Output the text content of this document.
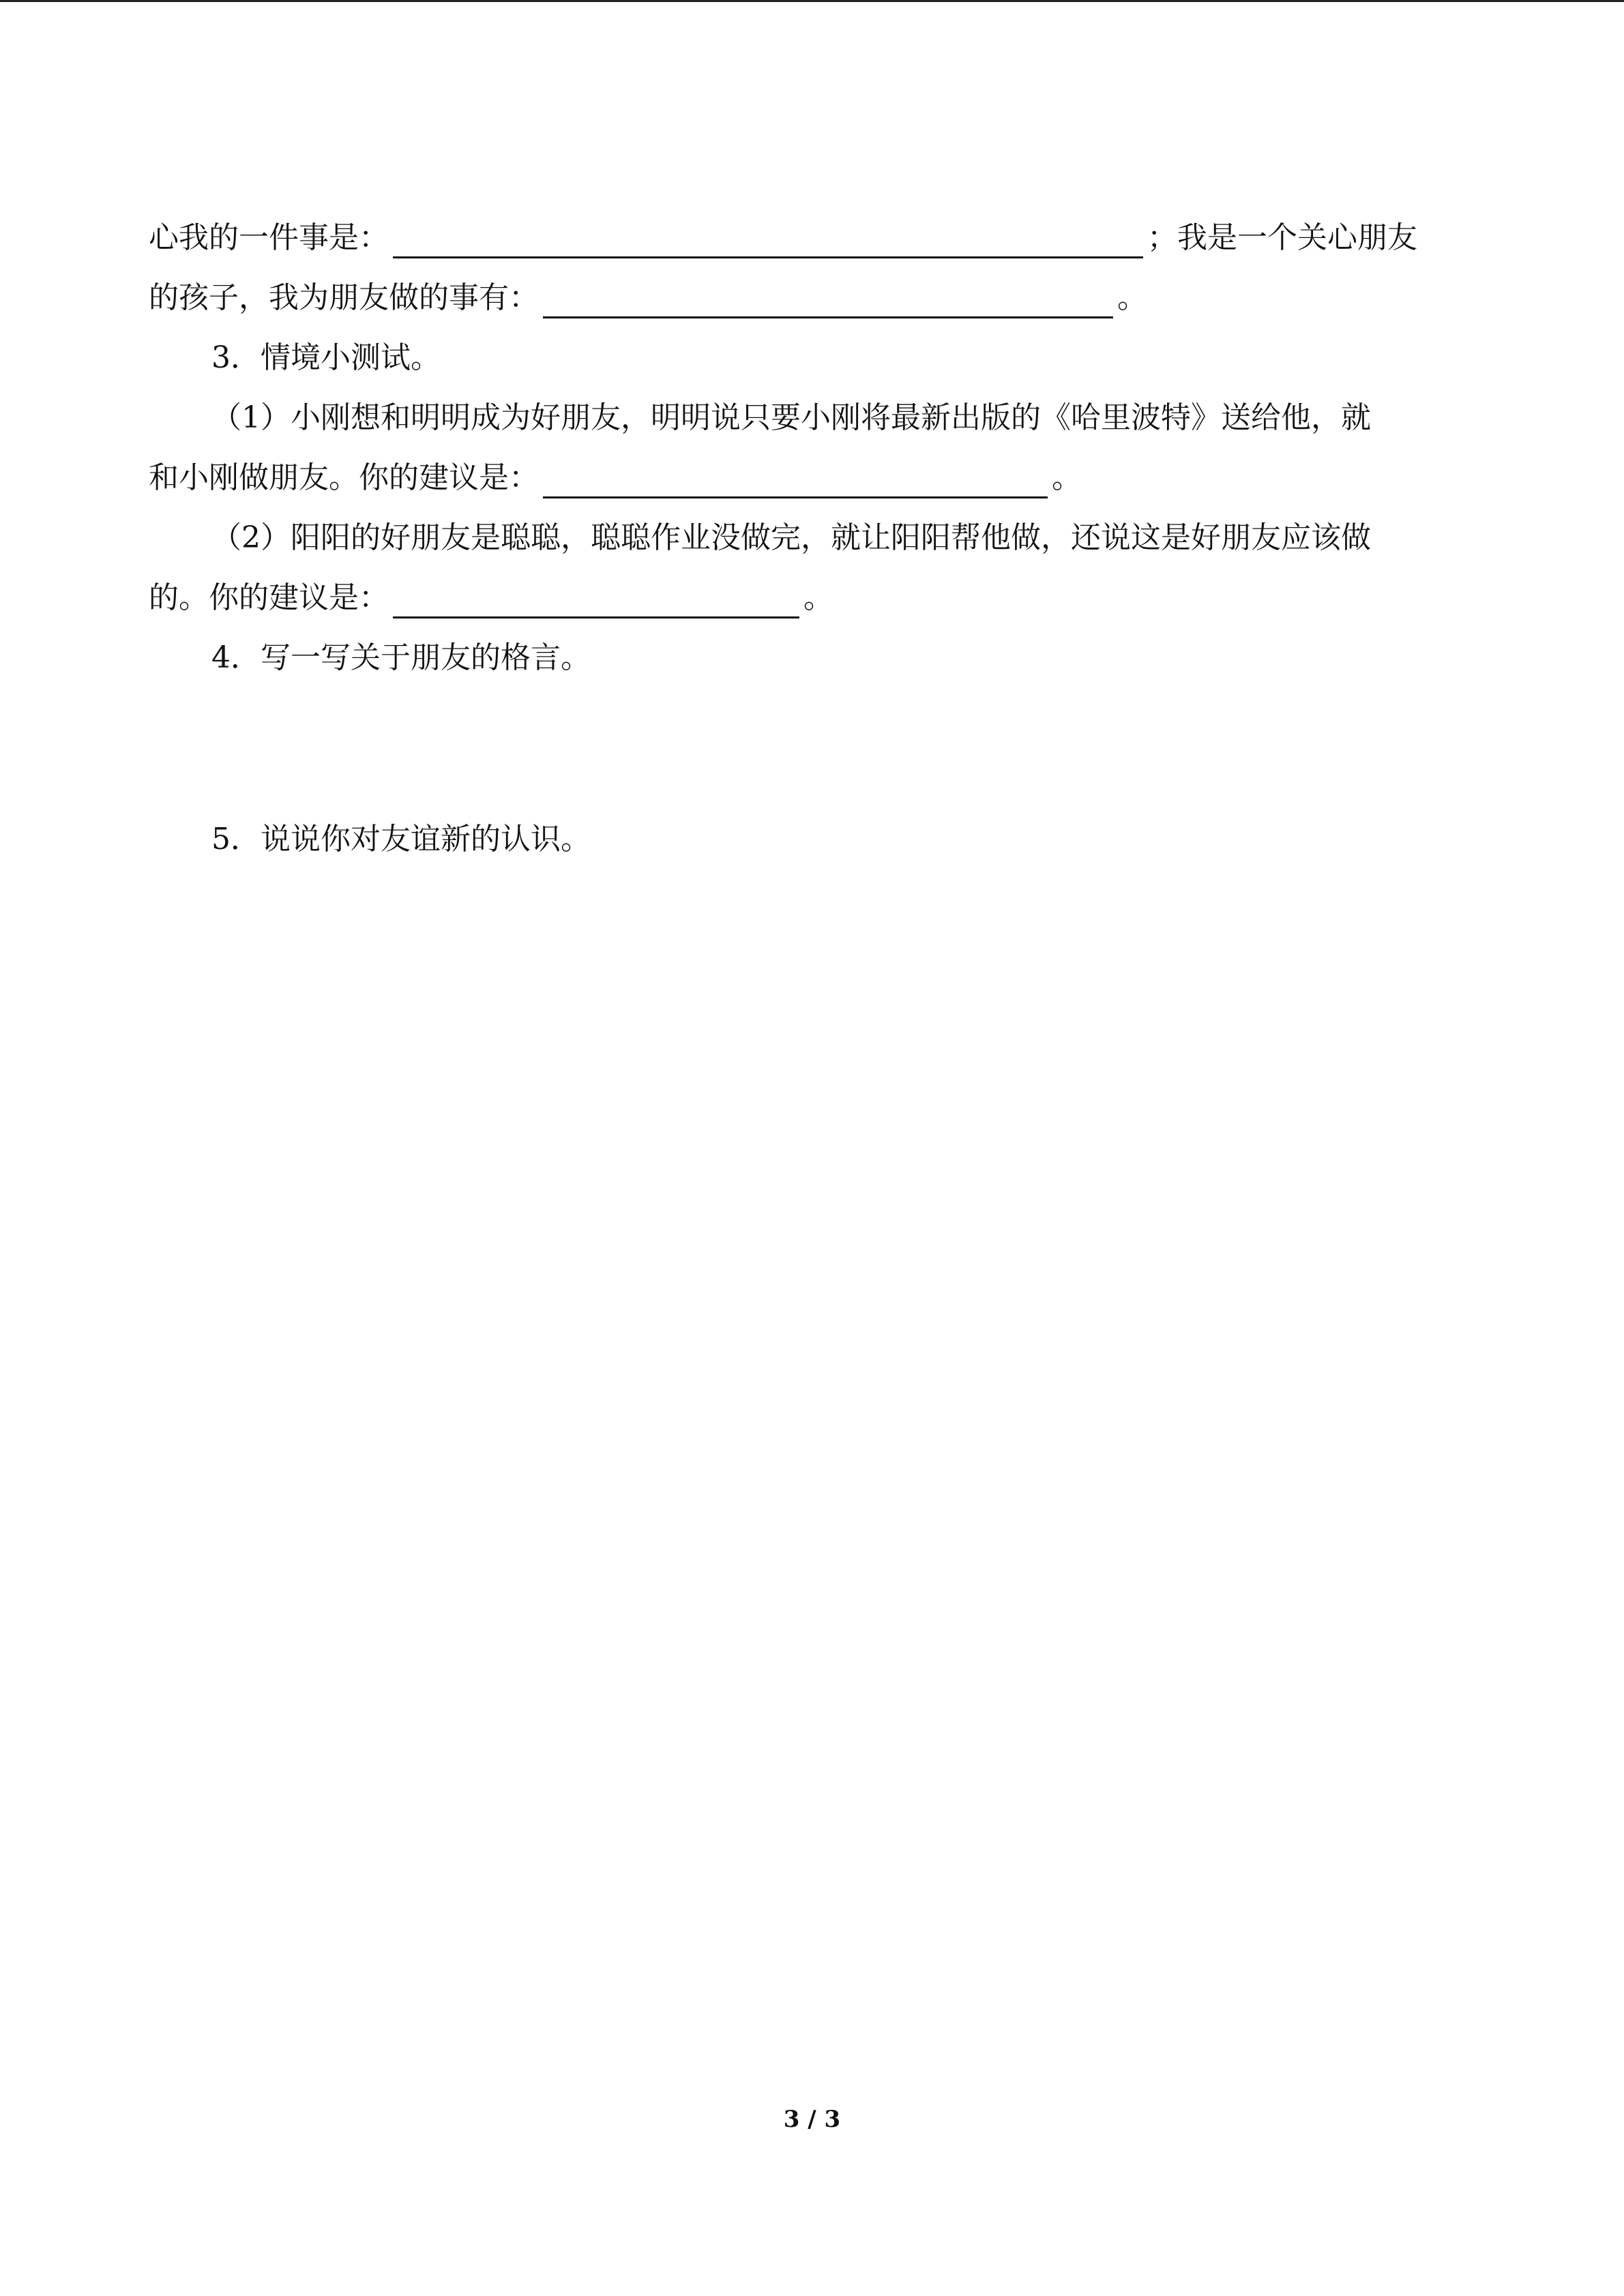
心我的一件事是：	；我是一个关心朋友
的孩子，我为朋友做的事有：	。
3．情境小测试。
（1）小刚想和明明成为好朋友，明明说只要小刚将最新出版的《哈里波特》送给他，就
和小刚做朋友。你的建议是：	。
（2）阳阳的好朋友是聪聪，聪聪作业没做完，就让阳阳帮他做，还说这是好朋友应该做
的。你的建议是：	。
4．写一写关于朋友的格言。
5．说说你对友谊新的认识。
3 / 3
